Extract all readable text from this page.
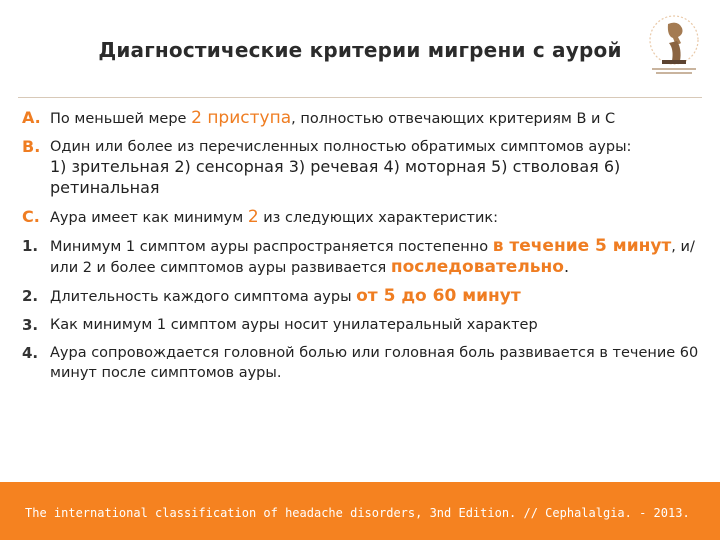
Диагностические критерии мигрени с аурой
A. По меньшей мере 2 приступа, полностью отвечающих критериям В и С
B. Один или более из перечисленных полностью обратимых симптомов ауры:
1) зрительная 2) сенсорная 3) речевая 4) моторная 5) стволовая 6) ретинальная
C. Аура имеет как минимум 2 из следующих характеристик:
1. Минимум 1 симптом ауры распространяется постепенно в течение 5 минут, и/или 2 и более симптомов ауры развивается последовательно.
2. Длительность каждого симптома ауры от 5 до 60 минут
3. Как минимум 1 симптом ауры носит унилатеральный характер
4. Аура сопровождается головной болью или головная боль развивается в течение 60 минут после симптомов ауры.
The international classification of headache disorders, 3nd Edition. // Cephalalgia. - 2013.
